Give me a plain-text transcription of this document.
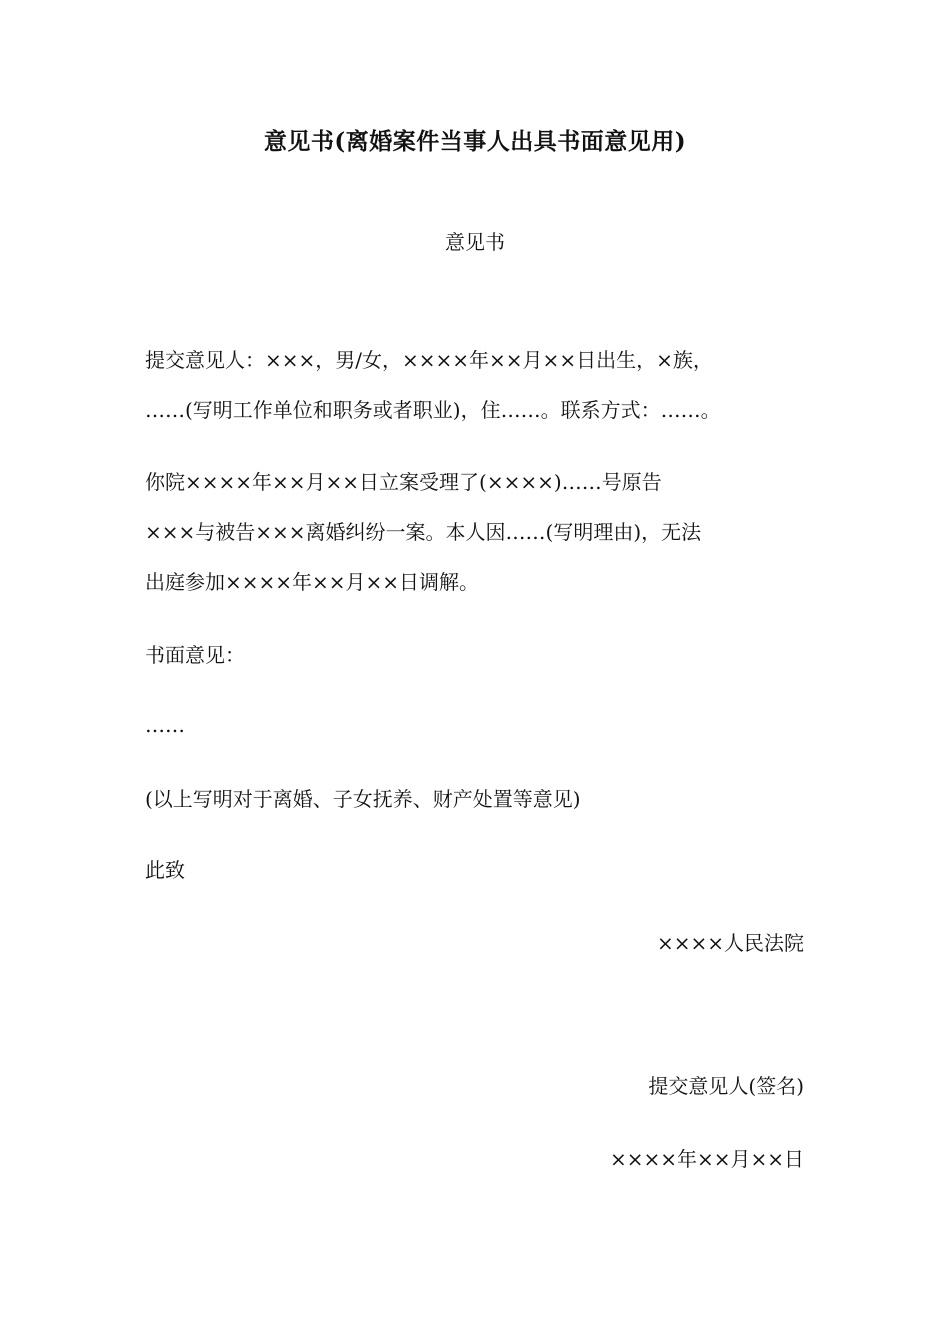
意见书(离婚案件当事人出具书面意见用)
意见书
提交意见人：×××，男/女，××××年××月××日出生，×族，
……(写明工作单位和职务或者职业)，住……。联系方式：……。
你院××××年××月××日立案受理了(××××)……号原告
×××与被告×××离婚纠纷一案。本人因……(写明理由)，无法
出庭参加××××年××月××日调解。
书面意见：
……
(以上写明对于离婚、子女抚养、财产处置等意见)
此致
××××人民法院
提交意见人(签名)
××××年××月××日
